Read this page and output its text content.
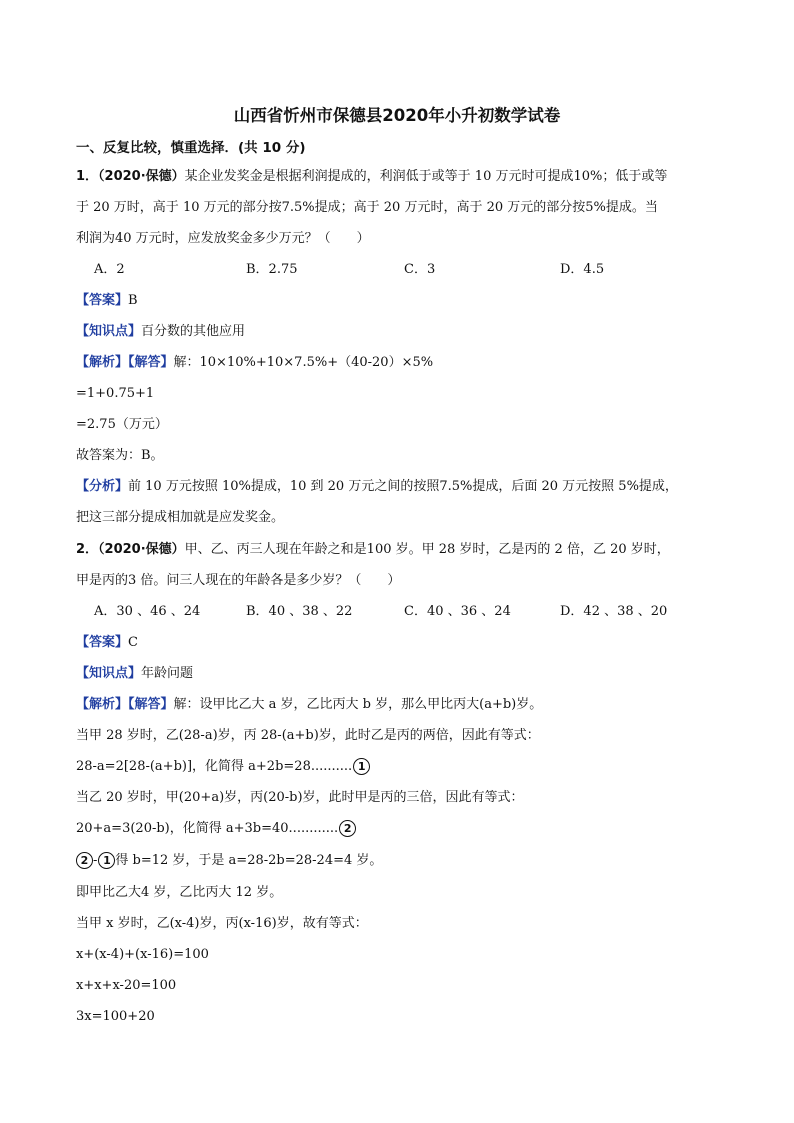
山西省忻州市保德县2020年小升初数学试卷
一、反复比较，慎重选择．(共 10 分)
1．（2020·保德）某企业发奖金是根据利润提成的，利润低于或等于 10 万元时可提成10%；低于或等
于 20 万时，高于 10 万元的部分按7.5%提成；高于 20 万元时，高于 20 万元的部分按5%提成。当
利润为40 万元时，应发放奖金多少万元？（　　）
A．2	B．2.75	C．3	D．4.5
【答案】B
【知识点】百分数的其他应用
【解析】【解答】解：10×10%+10×7.5%+（40-20）×5%
=1+0.75+1
=2.75（万元）
故答案为：B。
【分析】前 10 万元按照 10%提成，10 到 20 万元之间的按照7.5%提成，后面 20 万元按照 5%提成，
把这三部分提成相加就是应发奖金。
2．（2020·保德）甲、乙、丙三人现在年龄之和是100 岁。甲 28 岁时，乙是丙的 2 倍，乙 20 岁时，
甲是丙的3 倍。问三人现在的年龄各是多少岁？（　　）
A．30 、46 、24	B．40 、38 、22	C．40 、36 、24	D．42 、38 、20
【答案】C
【知识点】年龄问题
【解析】【解答】解：设甲比乙大 a 岁，乙比丙大 b 岁，那么甲比丙大(a+b)岁。
当甲 28 岁时，乙(28-a)岁，丙 28-(a+b)岁，此时乙是丙的两倍，因此有等式：
28-a=2[28-(a+b)]，化简得 a+2b=28.......... 1
当乙 20 岁时，甲(20+a)岁，丙(20-b)岁，此时甲是丙的三倍，因此有等式：
20+a=3(20-b)，化简得 a+3b=40............ 2
2 - 1 得 b=12 岁，于是 a=28-2b=28-24=4 岁。
即甲比乙大4 岁，乙比丙大 12 岁。
当甲 x 岁时，乙(x-4)岁，丙(x-16)岁，故有等式：
x+(x-4)+(x-16)=100
x+x+x-20=100
3x=100+20
